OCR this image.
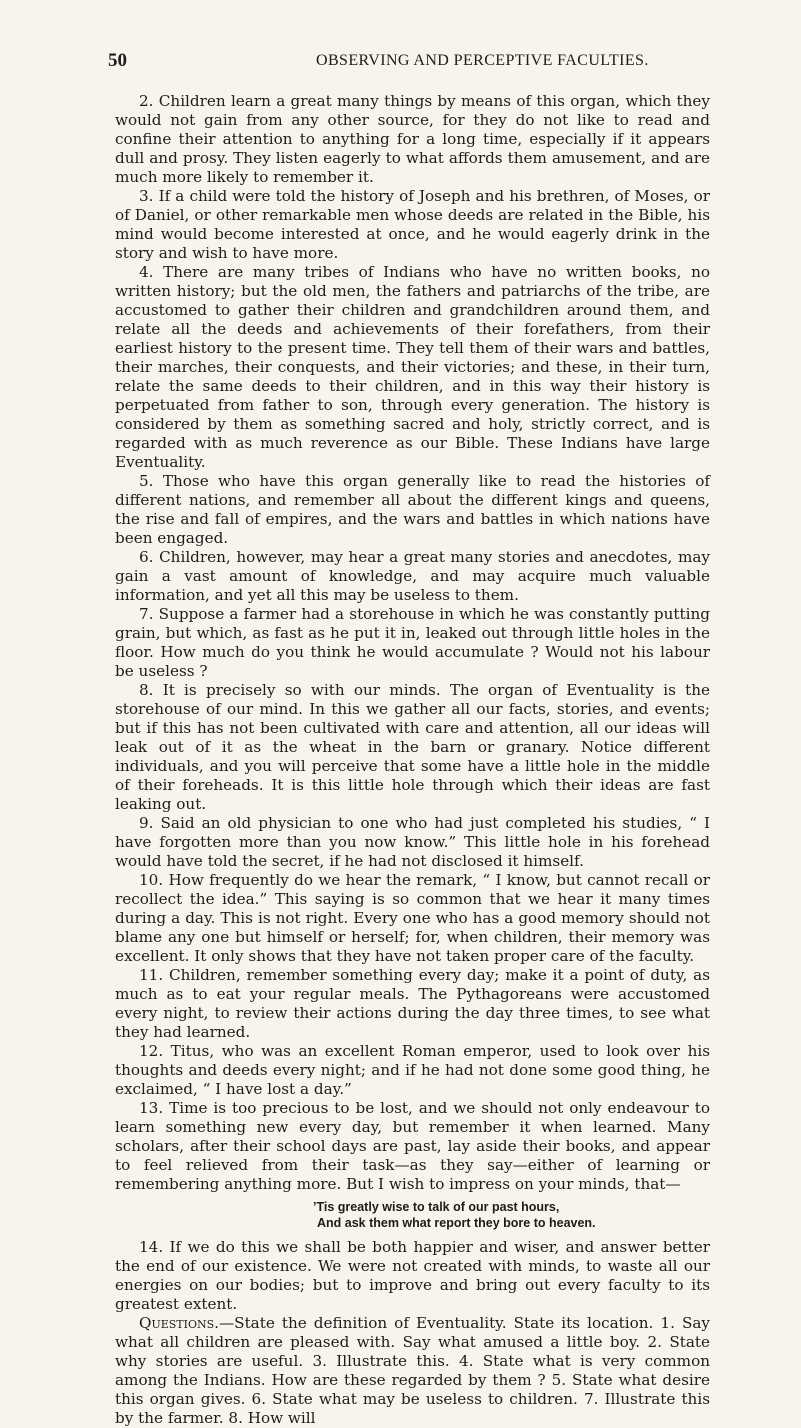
50	OBSERVING AND PERCEPTIVE FACULTIES.

2. Children learn a great many things by means of this organ, which they would not gain from any other source, for they do not like to read and confine their attention to anything for a long time, especially if it appears dull and prosy. They listen eagerly to what affords them amusement, and are much more likely to remember it.

3. If a child were told the history of Joseph and his brethren, of Moses, or of Daniel, or other remarkable men whose deeds are related in the Bible, his mind would become interested at once, and he would eagerly drink in the story and wish to have more.

4. There are many tribes of Indians who have no written books, no written history; but the old men, the fathers and patriarchs of the tribe, are accustomed to gather their children and grandchildren around them, and relate all the deeds and achievements of their forefathers, from their earliest history to the present time. They tell them of their wars and battles, their marches, their conquests, and their victories; and these, in their turn, relate the same deeds to their children, and in this way their history is perpetuated from father to son, through every generation. The history is considered by them as something sacred and holy, strictly correct, and is regarded with as much reverence as our Bible. These Indians have large Eventuality.

5. Those who have this organ generally like to read the histories of different nations, and remember all about the different kings and queens, the rise and fall of empires, and the wars and battles in which nations have been engaged.

6. Children, however, may hear a great many stories and anecdotes, may gain a vast amount of knowledge, and may acquire much valuable information, and yet all this may be useless to them.

7. Suppose a farmer had a storehouse in which he was constantly putting grain, but which, as fast as he put it in, leaked out through little holes in the floor. How much do you think he would accumulate ? Would not his labour be useless ?

8. It is precisely so with our minds. The organ of Eventuality is the storehouse of our mind. In this we gather all our facts, stories, and events; but if this has not been cultivated with care and attention, all our ideas will leak out of it as the wheat in the barn or granary. Notice different individuals, and you will perceive that some have a little hole in the middle of their foreheads. It is this little hole through which their ideas are fast leaking out.

9. Said an old physician to one who had just completed his studies, “ I have forgotten more than you now know.” This little hole in his forehead would have told the secret, if he had not disclosed it himself.

10. How frequently do we hear the remark, “ I know, but cannot recall or recollect the idea.” This saying is so common that we hear it many times during a day. This is not right. Every one who has a good memory should not blame any one but himself or herself; for, when children, their memory was excellent. It only shows that they have not taken proper care of the faculty.

11. Children, remember something every day; make it a point of duty, as much as to eat your regular meals. The Pythagoreans were accustomed every night, to review their actions during the day three times, to see what they had learned.

12. Titus, who was an excellent Roman emperor, used to look over his thoughts and deeds every night; and if he had not done some good thing, he exclaimed, “ I have lost a day.”

13. Time is too precious to be lost, and we should not only endeavour to learn something new every day, but remember it when learned. Many scholars, after their school days are past, lay aside their books, and appear to feel relieved from their task—as they say—either of learning or remembering anything more. But I wish to impress on your minds, that—

’Tis greatly wise to talk of our past hours,
And ask them what report they bore to heaven.

14. If we do this we shall be both happier and wiser, and answer better the end of our existence. We were not created with minds, to waste all our energies on our bodies; but to improve and bring out every faculty to its greatest extent.

Questions.—State the definition of Eventuality. State its location. 1. Say what all children are pleased with. Say what amused a little boy. 2. State why stories are useful. 3. Illustrate this. 4. State what is very common among the Indians. How are these regarded by them ? 5. State what desire this organ gives. 6. State what may be useless to children. 7. Illustrate this by the farmer. 8. How will
